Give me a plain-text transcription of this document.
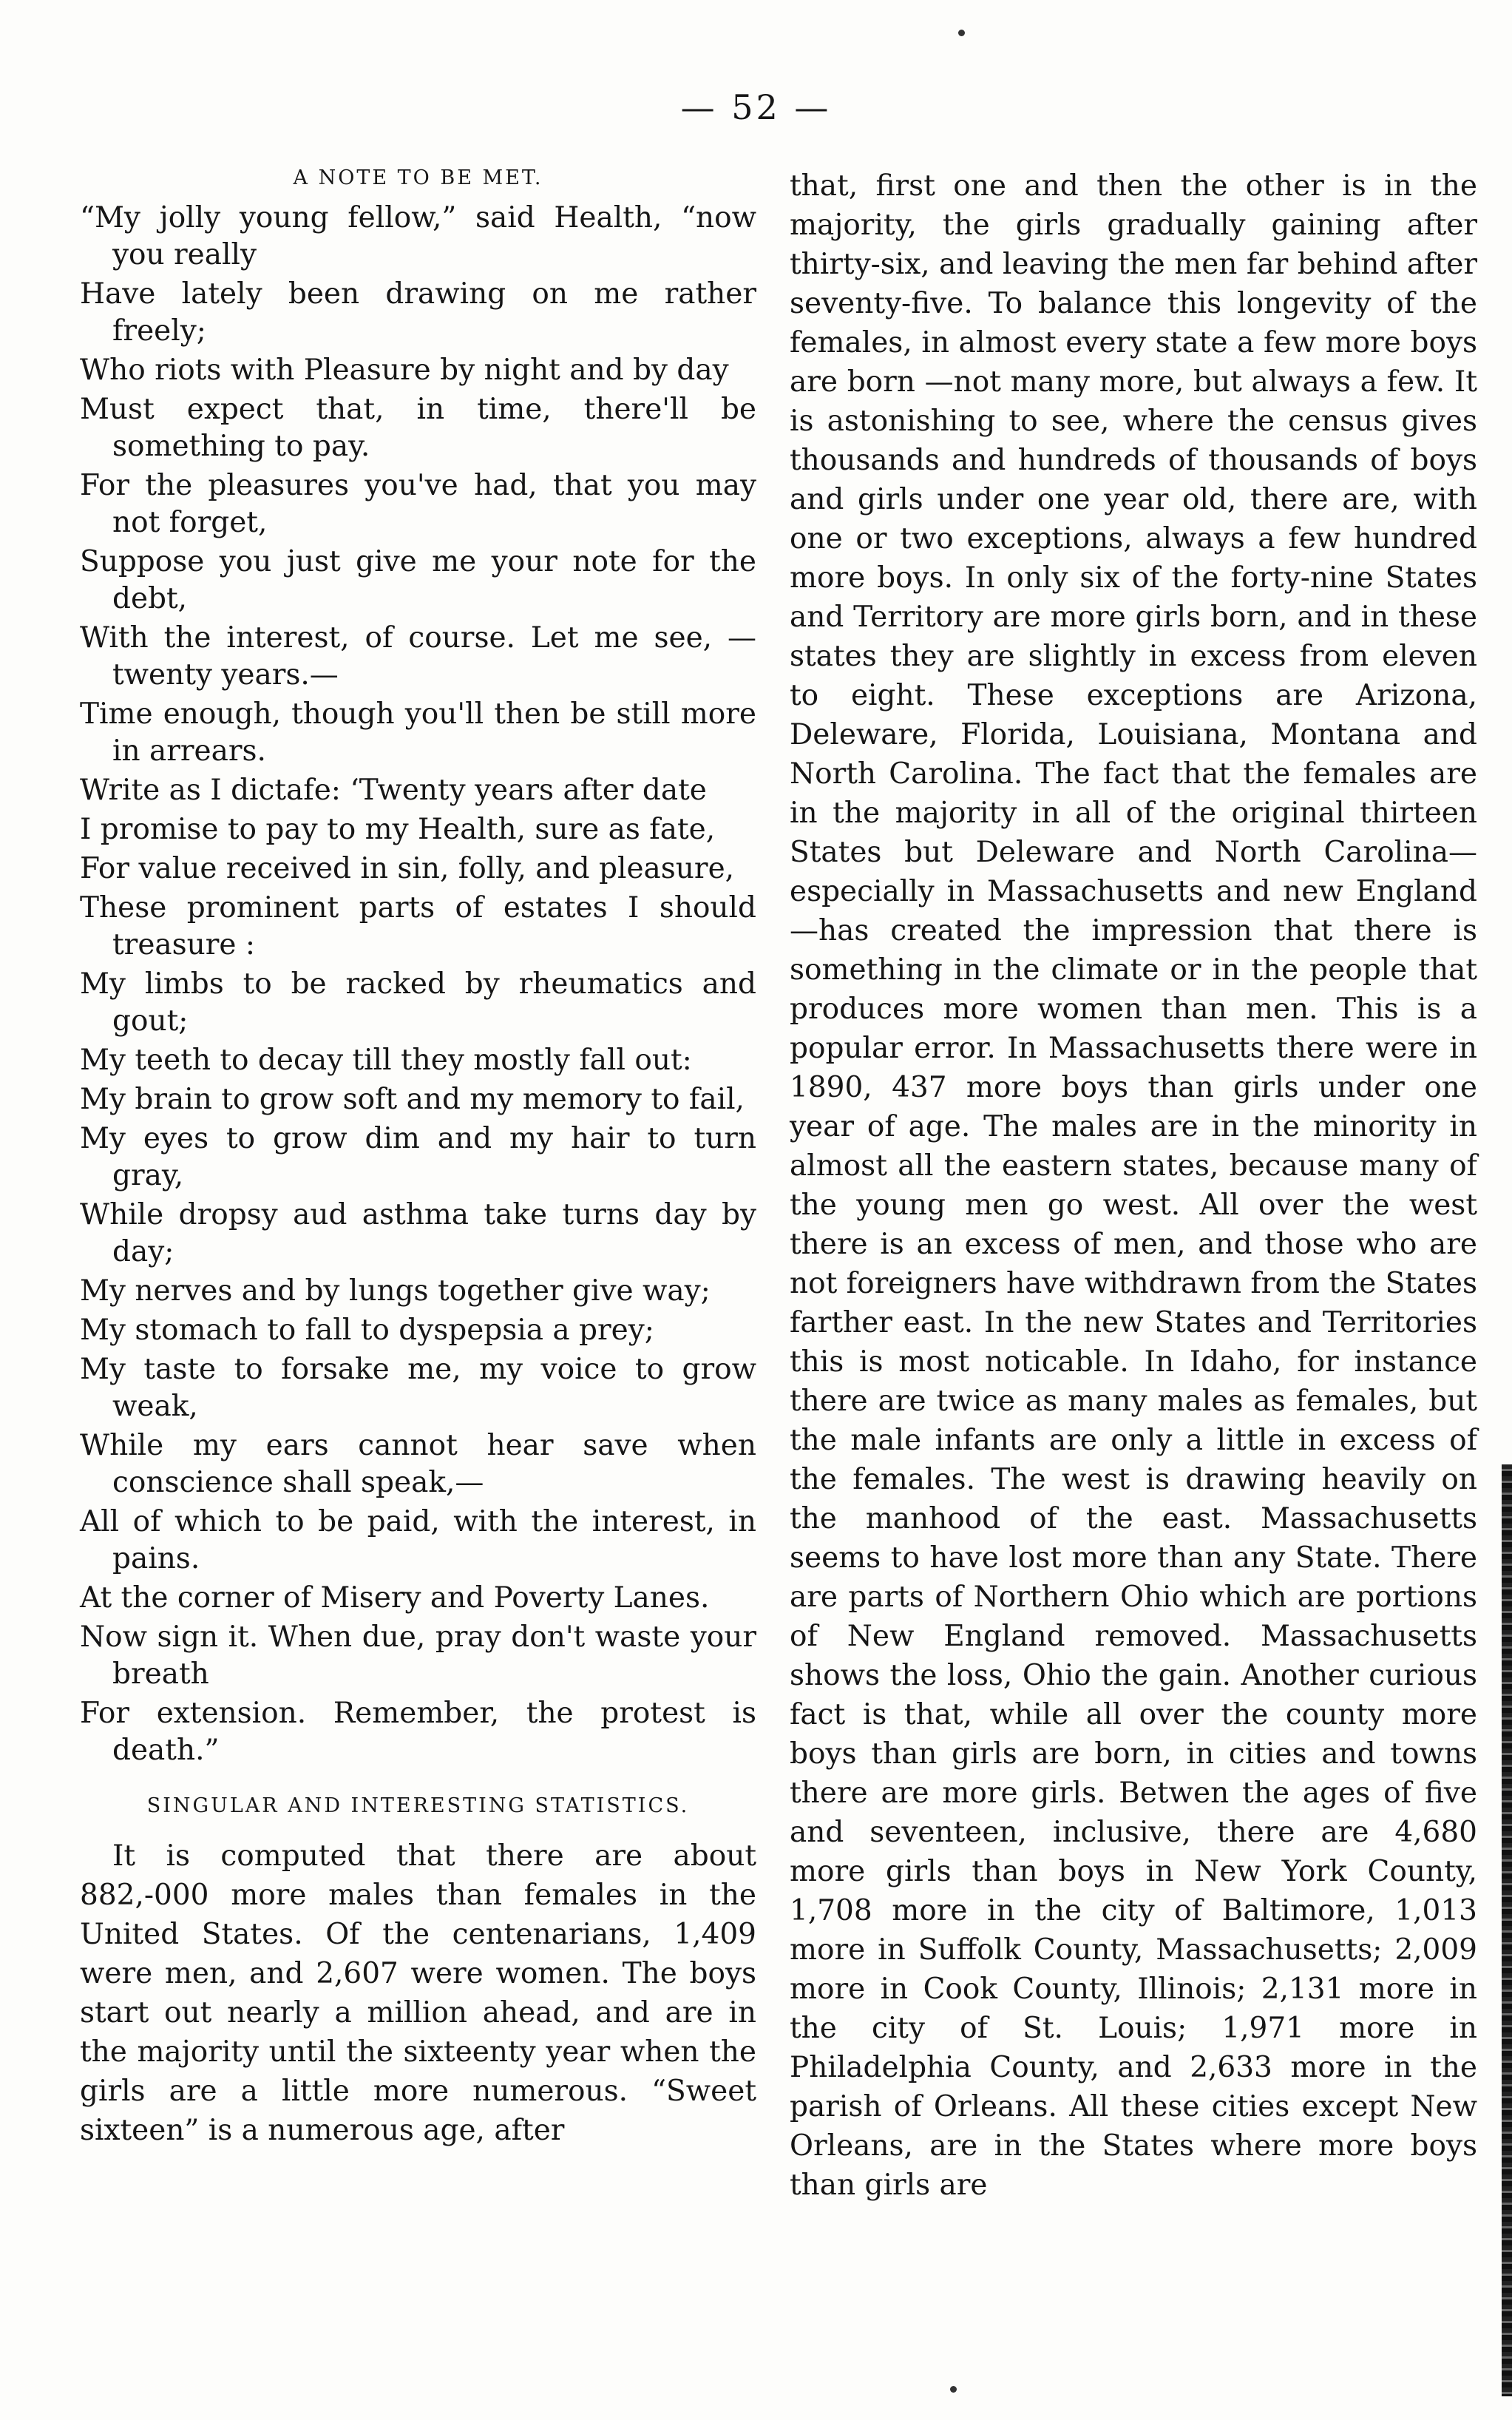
— 52 —
A NOTE TO BE MET.
“My jolly young fellow,” said Health, “now you really
Have lately been drawing on me rather freely;
Who riots with Pleasure by night and by day
Must expect that, in time, there'll be something to pay.
For the pleasures you've had, that you may not forget,
Suppose you just give me your note for the debt,
With the interest, of course. Let me see, —twenty years.—
Time enough, though you'll then be still more in arrears.
Write as I dictafe: ‘Twenty years after date
I promise to pay to my Health, sure as fate,
For value received in sin, folly, and pleasure,
These prominent parts of estates I should treasure :
My limbs to be racked by rheumatics and gout;
My teeth to decay till they mostly fall out:
My brain to grow soft and my memory to fail,
My eyes to grow dim and my hair to turn gray,
While dropsy aud asthma take turns day by day;
My nerves and by lungs together give way;
My stomach to fall to dyspepsia a prey;
My taste to forsake me, my voice to grow weak,
While my ears cannot hear save when conscience shall speak,—
All of which to be paid, with the interest, in pains.
At the corner of Misery and Poverty Lanes.
Now sign it. When due, pray don't waste your breath
For extension. Remember, the protest is death.”
SINGULAR AND INTERESTING STATISTICS.

It is computed that there are about 882,-000 more males than females in the United States. Of the centenarians, 1,409 were men, and 2,607 were women. The boys start out nearly a million ahead, and are in the majority until the sixteenty year when the girls are a little more numerous. “Sweet sixteen” is a numerous age, after

that, first one and then the other is in the majority, the girls gradually gaining after thirty-six, and leaving the men far behind after seventy-five. To balance this longevity of the females, in almost every state a few more boys are born —not many more, but always a few. It is astonishing to see, where the census gives thousands and hundreds of thousands of boys and girls under one year old, there are, with one or two exceptions, always a few hundred more boys. In only six of the forty-nine States and Territory are more girls born, and in these states they are slightly in excess from eleven to eight. These exceptions are Arizona, Deleware, Florida, Louisiana, Montana and North Carolina. The fact that the females are in the majority in all of the original thirteen States but Deleware and North Carolina—especially in Massachusetts and new England—has created the impression that there is something in the climate or in the people that produces more women than men. This is a popular error. In Massachusetts there were in 1890, 437 more boys than girls under one year of age. The males are in the minority in almost all the eastern states, because many of the young men go west. All over the west there is an excess of men, and those who are not foreigners have withdrawn from the States farther east. In the new States and Territories this is most noticable. In Idaho, for instance there are twice as many males as females, but the male infants are only a little in excess of the females. The west is drawing heavily on the manhood of the east. Massachusetts seems to have lost more than any State. There are parts of Northern Ohio which are portions of New England removed. Massachusetts shows the loss, Ohio the gain. Another curious fact is that, while all over the county more boys than girls are born, in cities and towns there are more girls. Betwen the ages of five and seventeen, inclusive, there are 4,680 more girls than boys in New York County, 1,708 more in the city of Baltimore, 1,013 more in Suffolk County, Massachusetts; 2,009 more in Cook County, Illinois; 2,131 more in the city of St. Louis; 1,971 more in Philadelphia County, and 2,633 more in the parish of Orleans. All these cities except New Orleans, are in the States where more boys than girls are
